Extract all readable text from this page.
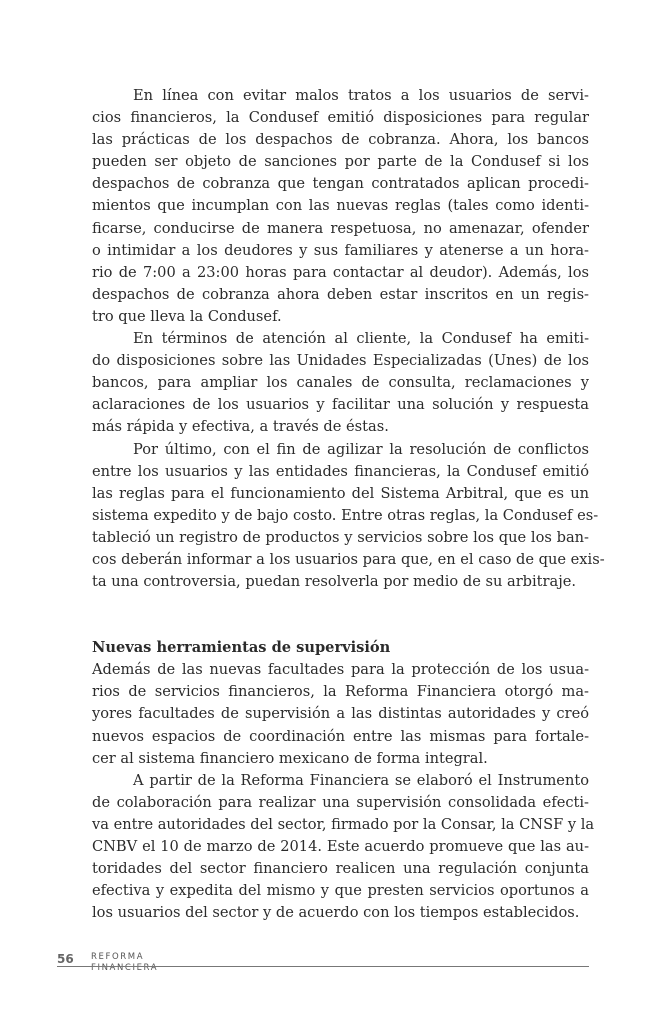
En línea con evitar malos tratos a los usuarios de servi-
cios financieros, la Condusef emitió disposiciones para regular
las prácticas de los despachos de cobranza. Ahora, los bancos
pueden ser objeto de sanciones por parte de la Condusef si los
despachos de cobranza que tengan contratados aplican procedi-
mientos que incumplan con las nuevas reglas (tales como identi-
ficarse, conducirse de manera respetuosa, no amenazar, ofender
o intimidar a los deudores y sus familiares y atenerse a un hora-
rio de 7:00 a 23:00 horas para contactar al deudor). Además, los
despachos de cobranza ahora deben estar inscritos en un regis-
tro que lleva la Condusef.
En términos de atención al cliente, la Condusef ha emiti-
do disposiciones sobre las Unidades Especializadas (Unes) de los
bancos, para ampliar los canales de consulta, reclamaciones y
aclaraciones de los usuarios y facilitar una solución y respuesta
más rápida y efectiva, a través de éstas.
Por último, con el fin de agilizar la resolución de conflictos
entre los usuarios y las entidades financieras, la Condusef emitió
las reglas para el funcionamiento del Sistema Arbitral, que es un
sistema expedito y de bajo costo. Entre otras reglas, la Condusef es-
tableció un registro de productos y servicios sobre los que los ban-
cos deberán informar a los usuarios para que, en el caso de que exis-
ta una controversia, puedan resolverla por medio de su arbitraje.
Nuevas herramientas de supervisión
Además de las nuevas facultades para la protección de los usua-
rios de servicios financieros, la Reforma Financiera otorgó ma-
yores facultades de supervisión a las distintas autoridades y creó
nuevos espacios de coordinación entre las mismas para fortale-
cer al sistema financiero mexicano de forma integral.
A partir de la Reforma Financiera se elaboró el Instrumento
de colaboración para realizar una supervisión consolidada efecti-
va entre autoridades del sector, firmado por la Consar, la CNSF y la
CNBV el 10 de marzo de 2014. Este acuerdo promueve que las au-
toridades del sector financiero realicen una regulación conjunta
efectiva y expedita del mismo y que presten servicios oportunos a
los usuarios del sector y de acuerdo con los tiempos establecidos.
56 REFORMA
FINANCIERA
